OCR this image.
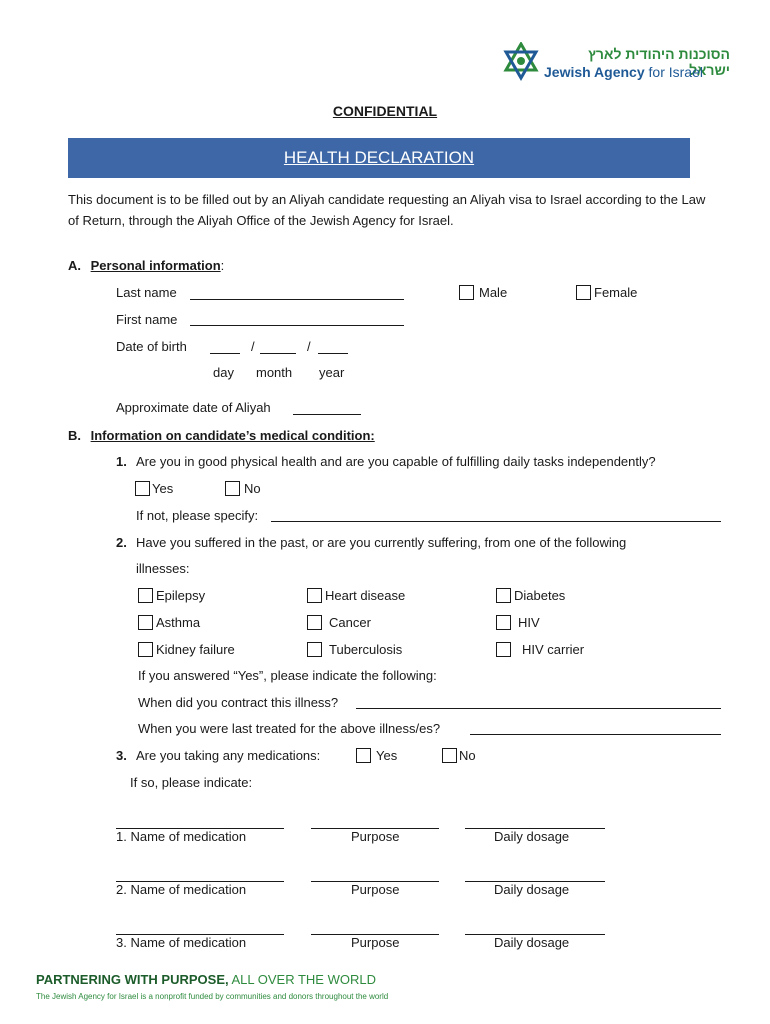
הסוכנות היהודית לארץ ישראל
Jewish Agency for Israel
CONFIDENTIAL
HEALTH DECLARATION
This document is to be filled out by an Aliyah candidate requesting an Aliyah visa to Israel according to the Law of Return, through the Aliyah Office of the Jewish Agency for Israel.
A. Personal information:
Last name	Male	Female
First name
Date of birth	/	/
day month year
Approximate date of Aliyah
B. Information on candidate’s medical condition:
1. Are you in good physical health and are you capable of fulfilling daily tasks independently?
Yes	No
If not, please specify:
2. Have you suffered in the past, or are you currently suffering, from one of the following
illnesses:
Epilepsy	Heart disease	Diabetes
Asthma	Cancer	HIV
Kidney failure	Tuberculosis	HIV carrier
If you answered “Yes”, please indicate the following:
When did you contract this illness?
When you were last treated for the above illness/es?
3. Are you taking any medications:	Yes	No
If so, please indicate:
1. Name of medication	Purpose	Daily dosage
2. Name of medication	Purpose	Daily dosage
3. Name of medication	Purpose	Daily dosage
PARTNERING WITH PURPOSE, ALL OVER THE WORLD
The Jewish Agency for Israel is a nonprofit funded by communities and donors throughout the world
